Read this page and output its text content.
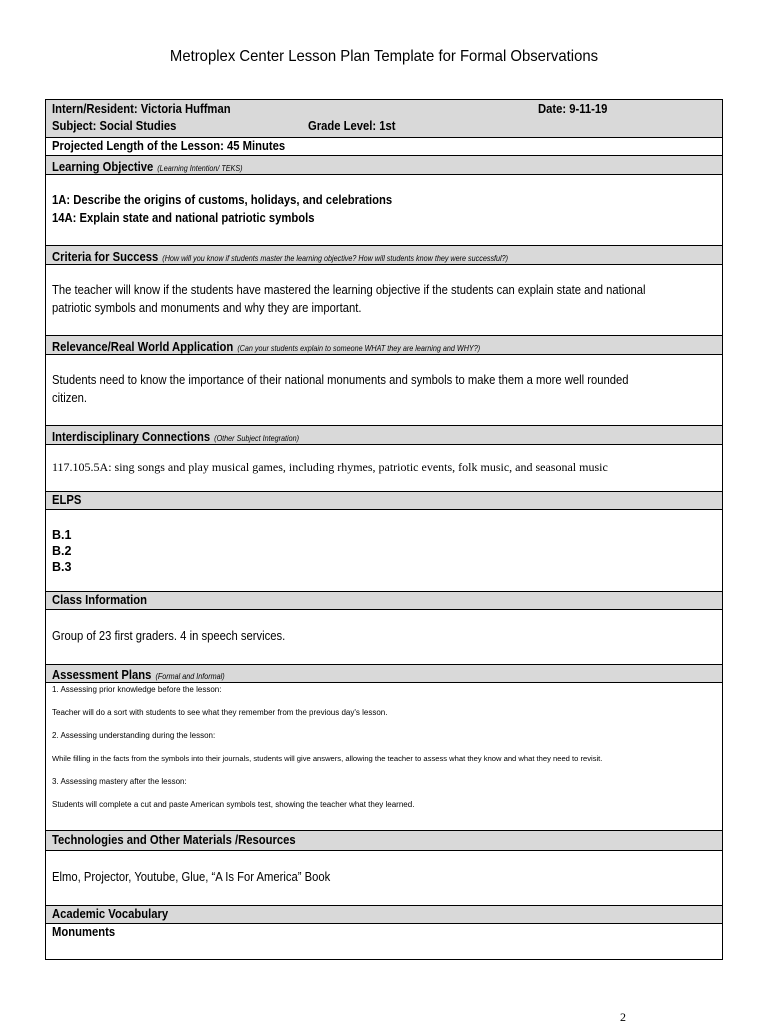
Metroplex Center Lesson Plan Template for Formal Observations
Intern/Resident: Victoria Huffman	Date: 9-11-19
Subject: Social Studies	Grade Level: 1st
Projected Length of the Lesson: 45 Minutes
Learning Objective (Learning Intention/ TEKS)
1A: Describe the origins of customs, holidays, and celebrations
14A: Explain state and national patriotic symbols
Criteria for Success (How will you know if students master the learning objective? How will students know they were successful?)
The teacher will know if the students have mastered the learning objective if the students can explain state and national
patriotic symbols and monuments and why they are important.
Relevance/Real World Application (Can your students explain to someone WHAT they are learning and WHY?)
Students need to know the importance of their national monuments and symbols to make them a more well rounded
citizen.
Interdisciplinary Connections (Other Subject Integration)
117.105.5A: sing songs and play musical games, including rhymes, patriotic events, folk music, and seasonal music
ELPS
B.1
B.2
B.3
Class Information
Group of 23 first graders. 4 in speech services.
Assessment Plans (Formal and Informal)
1. Assessing prior knowledge before the lesson:
Teacher will do a sort with students to see what they remember from the previous day's lesson.
2. Assessing understanding during the lesson:
While filling in the facts from the symbols into their journals, students will give answers, allowing the teacher to assess what they know and what they need to revisit.
3. Assessing mastery after the lesson:
Students will complete a cut and paste American symbols test, showing the teacher what they learned.
Technologies and Other Materials /Resources
Elmo, Projector, Youtube, Glue, “A Is For America” Book
Academic Vocabulary
Monuments
2
